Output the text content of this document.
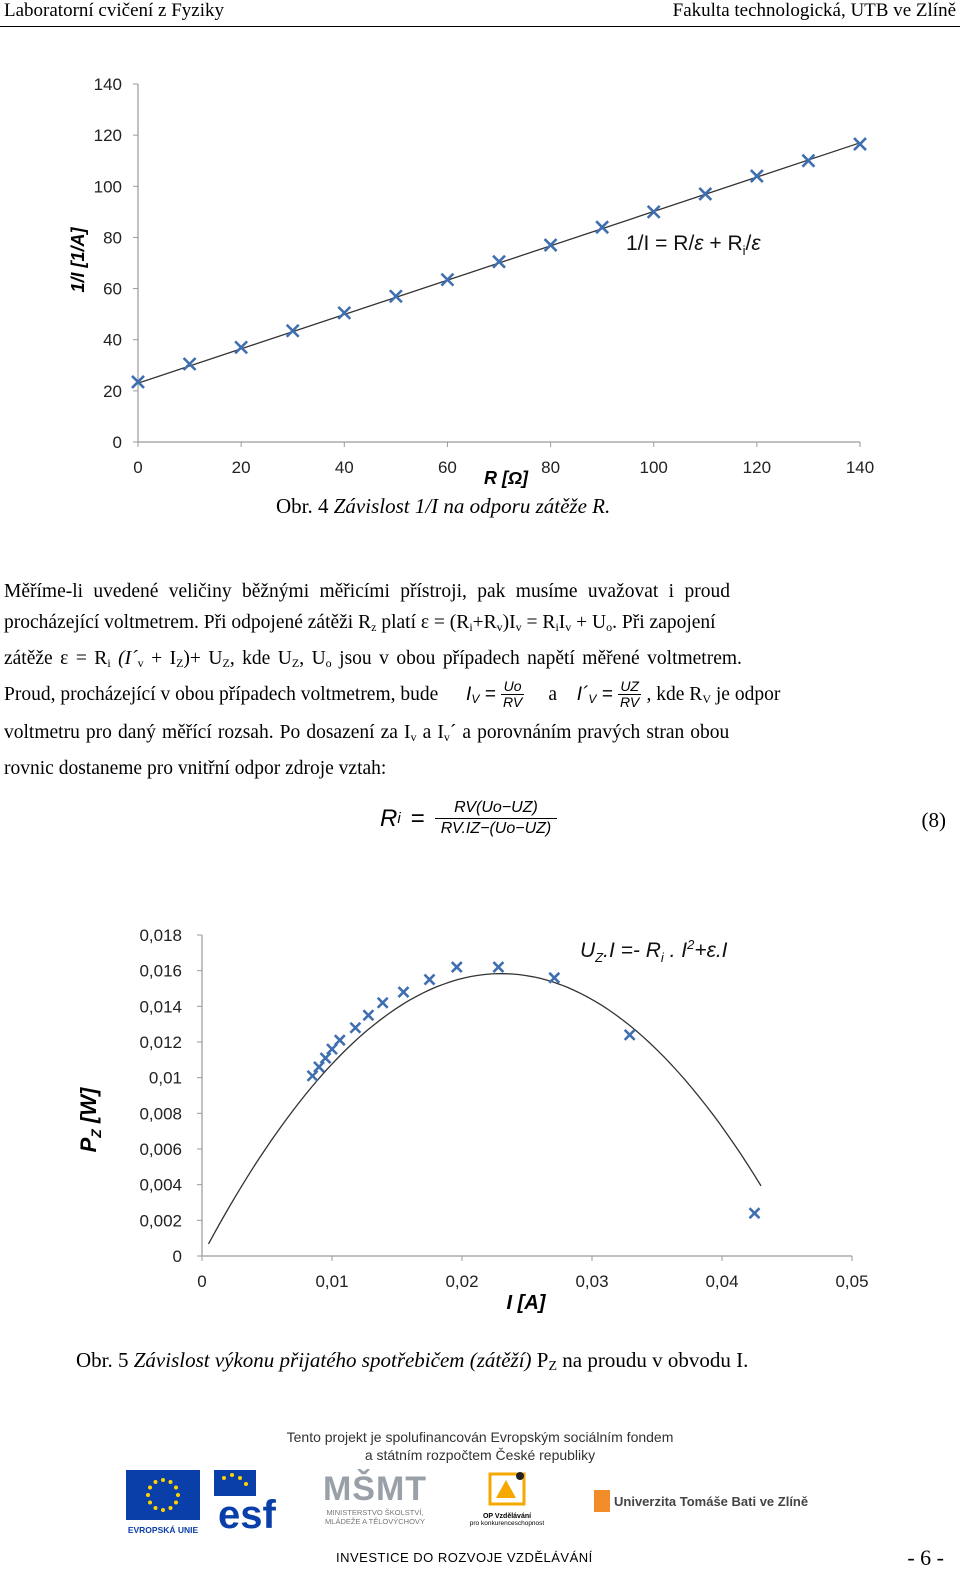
Laboratorní cvičení z Fyziky	Fakulta technologická, UTB ve Zlíně
0
20
40
60
80
100
120
140
0	20	40	60	80	100	120	140
1/I [1/A]
R [Ω]
$1/I = R/\varepsilon + R_i/\varepsilon$
Obr. 4 Závislost 1/I na odporu zátěže R.
Měříme-li uvedené veličiny běžnými měřicími přístroji, pak musíme uvažovat i proud
procházející voltmetrem. Při odpojené zátěži $R_z$ platí $\varepsilon = (R_i+R_v)I_v = R_iI_v + U_o$. Při zapojení
zátěže $\varepsilon = R_i$ $(I´_v + I_Z)+ U_Z$, kde $U_Z$, $U_o$ jsou v obou případech napětí měřené voltmetrem.
Proud, procházející v obou případech voltmetrem, bude $I_V = \frac{Uo}{RV}$ a $I´_V = \frac{UZ}{RV}$ , kde $R_V$ je odpor
voltmetru pro daný měřící rozsah. Po dosazení za $I_v$ a $I_v´$ a porovnáním pravých stran obou
rovnic dostaneme pro vnitřní odpor zdroje vztah:
R $i = \frac{RV(Uo-UZ)}{RV.IZ-(Uo-UZ)}$	(8)
0
0,002
0,004
0,006
0,008
0,01
0,012
0,014
0,016
0,018
0	0,01	0,02	0,03	0,04	0,05
$P_Z$ [W]
I [A]
$U_Z.I =- R_i$ . $I^2+\varepsilon.I$
Obr. 5 Závislost výkonu přijatého spotřebičem (zátěží) $P_Z$ na proudu v obvodu I.
Tento projekt je spolufinancován Evropským sociálním fondem
a státním rozpočtem České republiky
EVROPSKÁ UNIE esf
MŠMT
MINISTERSTVO ŠKOLSTVÍ,
MLÁDEŽE A TĚLOVÝCHOVY
OP Vzdělávání
pro konkurenceschopnost
Univerzita Tomáše Bati ve Zlíně
INVESTICE DO ROZVOJE VZDĚLÁVÁNÍ	- 6 -
